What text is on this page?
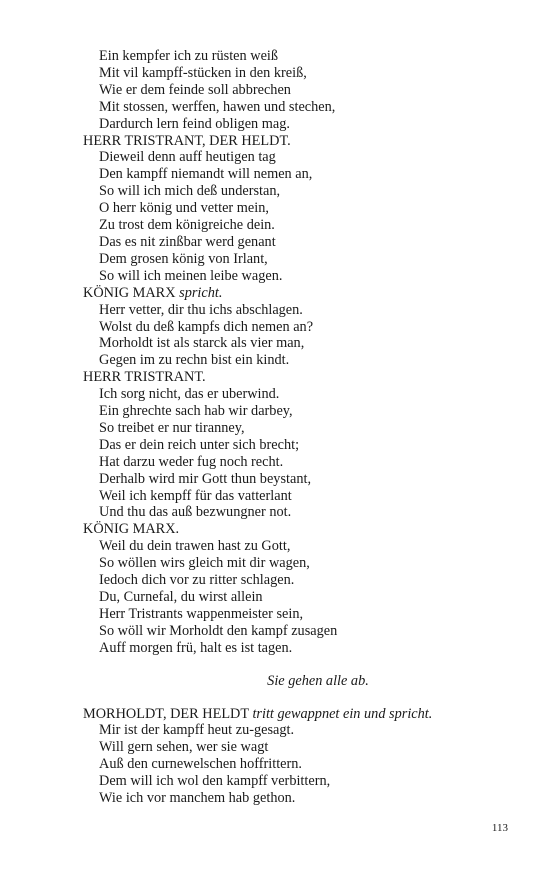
Ein kempfer ich zu rüsten weiß
Mit vil kampff-stücken in den kreiß,
Wie er dem feinde soll abbrechen
Mit stossen, werffen, hawen und stechen,
Dardurch lern feind obligen mag.
HERR TRISTRANT, DER HELDT.
Dieweil denn auff heutigen tag
Den kampff niemandt will nemen an,
So will ich mich deß understan,
O herr könig und vetter mein,
Zu trost dem königreiche dein.
Das es nit zinßbar werd genant
Dem grosen könig von Irlant,
So will ich meinen leibe wagen.
KÖNIG MARX spricht.
Herr vetter, dir thu ichs abschlagen.
Wolst du deß kampfs dich nemen an?
Morholdt ist als starck als vier man,
Gegen im zu rechn bist ein kindt.
HERR TRISTRANT.
Ich sorg nicht, das er uberwind.
Ein ghrechte sach hab wir darbey,
So treibet er nur tiranney,
Das er dein reich unter sich brecht;
Hat darzu weder fug noch recht.
Derhalb wird mir Gott thun beystant,
Weil ich kempff für das vatterlant
Und thu das auß bezwungner not.
KÖNIG MARX.
Weil du dein trawen hast zu Gott,
So wöllen wirs gleich mit dir wagen,
Iedoch dich vor zu ritter schlagen.
Du, Curnefal, du wirst allein
Herr Tristrants wappenmeister sein,
So wöll wir Morholdt den kampf zusagen
Auff morgen frü, halt es ist tagen.
Sie gehen alle ab.
MORHOLDT, DER HELDT tritt gewappnet ein und spricht.
Mir ist der kampff heut zu-gesagt.
Will gern sehen, wer sie wagt
Auß den curnewelschen hoffrittern.
Dem will ich wol den kampff verbittern,
Wie ich vor manchem hab gethon.
113
